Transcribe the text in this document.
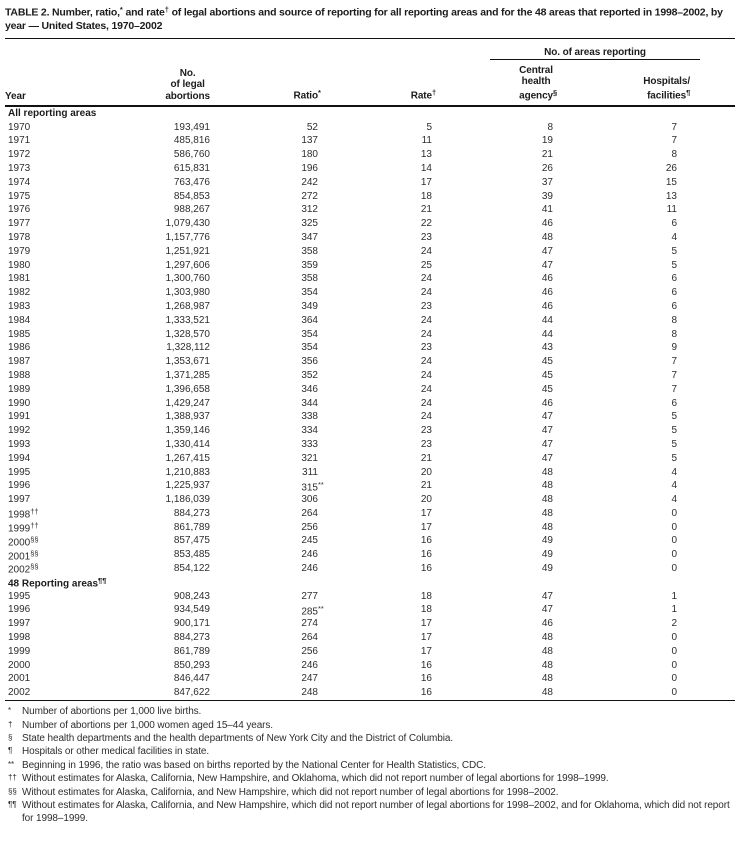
TABLE 2. Number, ratio,* and rate† of legal abortions and source of reporting for all reporting areas and for the 48 areas that reported in 1998–2002, by year — United States, 1970–2002

				No. of areas reporting	

Year	No.
of legal
abortions	Ratio*	Rate†	Central
health
agency§	Hospitals/
facilities¶
All reporting areas					
1970	193,491	52	5	8	7
1971	485,816	137	11	19	7
1972	586,760	180	13	21	8
1973	615,831	196	14	26	26
1974	763,476	242	17	37	15
1975	854,853	272	18	39	13
1976	988,267	312	21	41	11
1977	1,079,430	325	22	46	6
1978	1,157,776	347	23	48	4
1979	1,251,921	358	24	47	5
1980	1,297,606	359	25	47	5
1981	1,300,760	358	24	46	6
1982	1,303,980	354	24	46	6
1983	1,268,987	349	23	46	6
1984	1,333,521	364	24	44	8
1985	1,328,570	354	24	44	8
1986	1,328,112	354	23	43	9
1987	1,353,671	356	24	45	7
1988	1,371,285	352	24	45	7
1989	1,396,658	346	24	45	7
1990	1,429,247	344	24	46	6
1991	1,388,937	338	24	47	5
1992	1,359,146	334	23	47	5
1993	1,330,414	333	23	47	5
1994	1,267,415	321	21	47	5
1995	1,210,883	311	20	48	4
1996	1,225,937	315**	21	48	4
1997	1,186,039	306	20	48	4
1998††	884,273	264	17	48	0
1999††	861,789	256	17	48	0
2000§§	857,475	245	16	49	0
2001§§	853,485	246	16	49	0
2002§§	854,122	246	16	49	0
48 Reporting areas¶¶
1995	908,243	277	18	47	1
1996	934,549	285**	18	47	1
1997	900,171	274	17	46	2
1998	884,273	264	17	48	0
1999	861,789	256	17	48	0
2000	850,293	246	16	48	0
2001	846,447	247	16	48	0
2002	847,622	248	16	48	0
* Number of abortions per 1,000 live births.
† Number of abortions per 1,000 women aged 15–44 years.
§ State health departments and the health departments of New York City and the District of Columbia.
¶ Hospitals or other medical facilities in state.
** Beginning in 1996, the ratio was based on births reported by the National Center for Health Statistics, CDC.
†† Without estimates for Alaska, California, New Hampshire, and Oklahoma, which did not report number of legal abortions for 1998–1999.
§§ Without estimates for Alaska, California, and New Hampshire, which did not report number of legal abortions for 1998–2002.
¶¶ Without estimates for Alaska, California, and New Hampshire, which did not report number of legal abortions for 1998–2002, and for Oklahoma, which did not report for 1998–1999.
